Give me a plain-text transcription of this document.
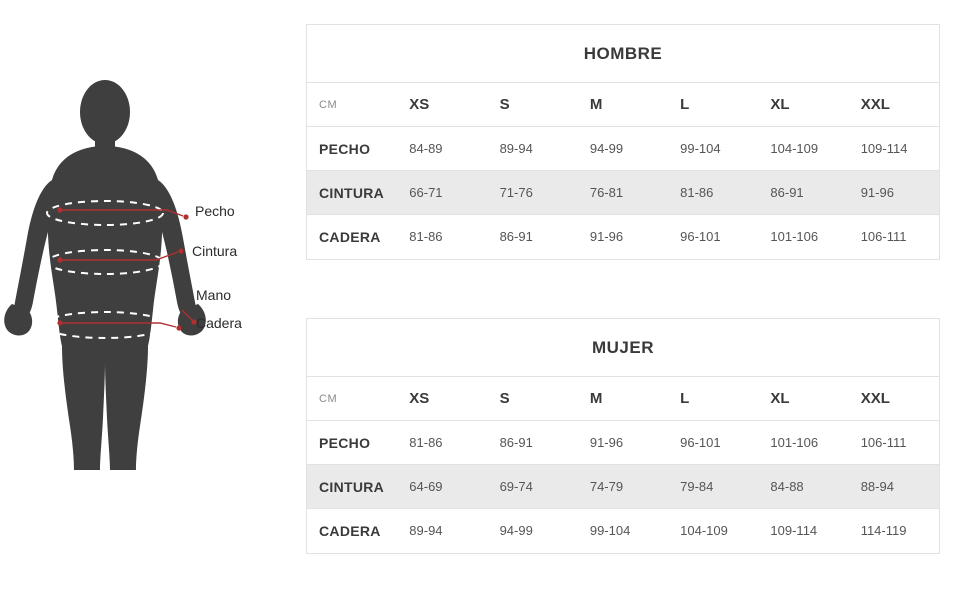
Pecho
Cintura
Mano
Cadera
HOMBRE
CM	XS	S	M	L	XL	XXL
PECHO	84-89	89-94	94-99	99-104	104-109	109-114
CINTURA	66-71	71-76	76-81	81-86	86-91	91-96
CADERA	81-86	86-91	91-96	96-101	101-106	106-111
MUJER
CM	XS	S	M	L	XL	XXL
PECHO	81-86	86-91	91-96	96-101	101-106	106-111
CINTURA	64-69	69-74	74-79	79-84	84-88	88-94
CADERA	89-94	94-99	99-104	104-109	109-114	114-119
